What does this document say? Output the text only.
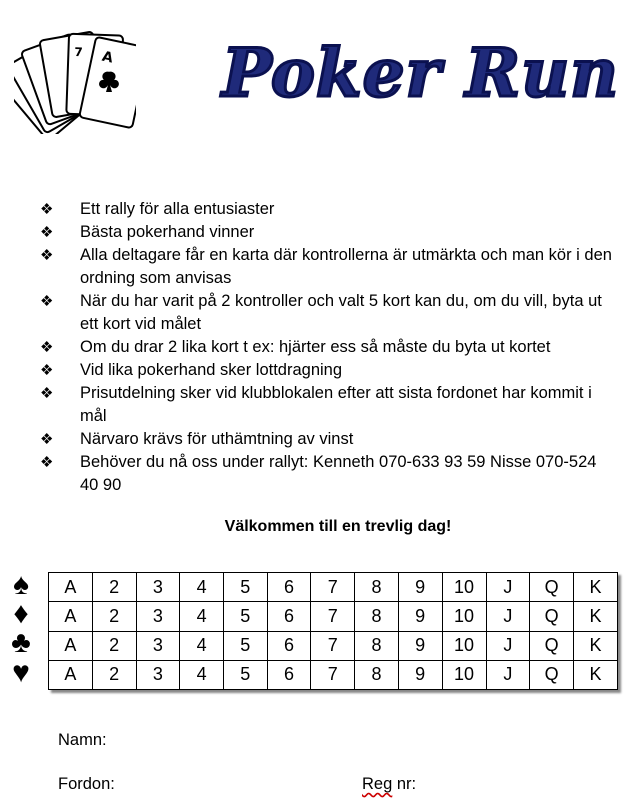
A
7 Poker Run
❖ Ett rally för alla entusiaster
❖ Bästa pokerhand vinner
❖ Alla deltagare får en karta där kontrollerna är utmärkta och man kör i den ordning som anvisas
❖ När du har varit på 2 kontroller och valt 5 kort kan du, om du vill, byta ut ett kort vid målet
❖ Om du drar 2 lika kort t ex: hjärter ess så måste du byta ut kortet
❖ Vid lika pokerhand sker lottdragning
❖ Prisutdelning sker vid klubblokalen efter att sista fordonet har kommit i mål
❖ Närvaro krävs för uthämtning av vinst
❖ Behöver du nå oss under rallyt: Kenneth 070-633 93 59 Nisse 070-524 40 90
Välkommen till en trevlig dag!
♠
♦
♣
♥
A	2	3	4	5	6	7	8	9	10	J	Q	K
A	2	3	4	5	6	7	8	9	10	J	Q	K
A	2	3	4	5	6	7	8	9	10	J	Q	K
A	2	3	4	5	6	7	8	9	10	J	Q	K
Namn:
Fordon:	Reg nr:
